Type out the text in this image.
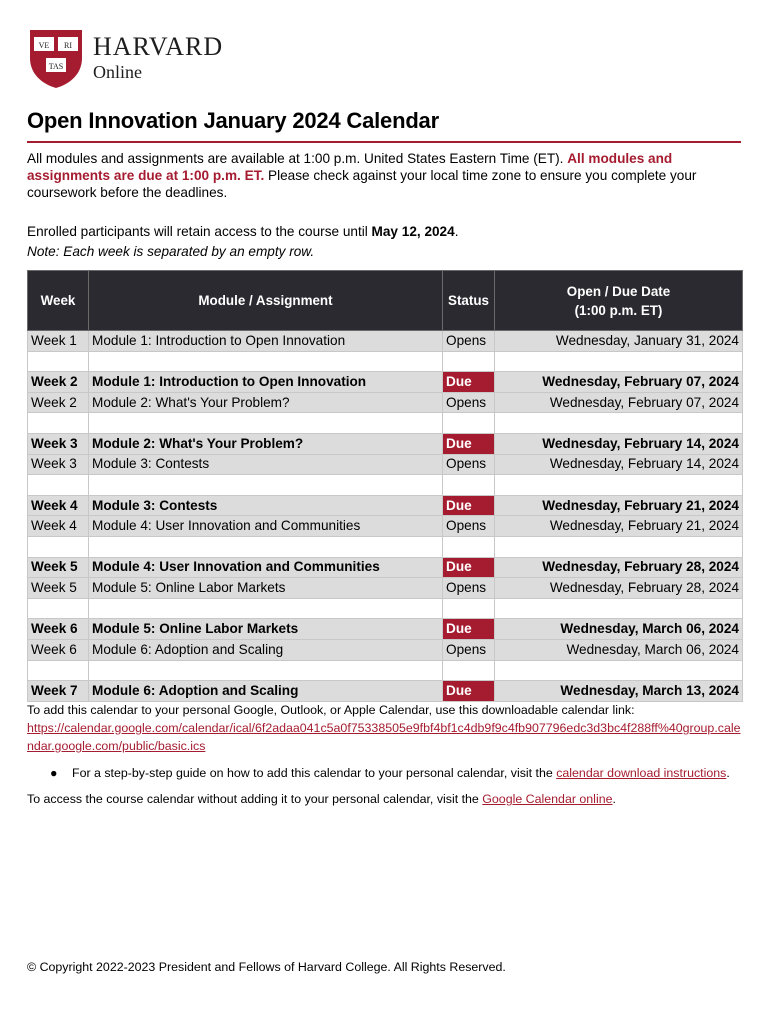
VE RI
TAS
HARVARD
Online
Open Innovation January 2024 Calendar

All modules and assignments are available at 1:00 p.m. United States Eastern Time (ET). All modules and assignments are due at 1:00 p.m. ET. Please check against your local time zone to ensure you complete your coursework before the deadlines.

Enrolled participants will retain access to the course until May 12, 2024.

Note: Each week is separated by an empty row.

Week	Module / Assignment	Status	Open / Due Date
(1:00 p.m. ET)
Week 1	Module 1: Introduction to Open Innovation	Opens	Wednesday, January 31, 2024

Week 2	Module 1: Introduction to Open Innovation	Due	Wednesday, February 07, 2024
Week 2	Module 2: What's Your Problem?	Opens	Wednesday, February 07, 2024

Week 3	Module 2: What's Your Problem?	Due	Wednesday, February 14, 2024
Week 3	Module 3: Contests	Opens	Wednesday, February 14, 2024

Week 4	Module 3: Contests	Due	Wednesday, February 21, 2024
Week 4	Module 4: User Innovation and Communities	Opens	Wednesday, February 21, 2024

Week 5	Module 4: User Innovation and Communities	Due	Wednesday, February 28, 2024
Week 5	Module 5: Online Labor Markets	Opens	Wednesday, February 28, 2024

Week 6	Module 5: Online Labor Markets	Due	Wednesday, March 06, 2024
Week 6	Module 6: Adoption and Scaling	Opens	Wednesday, March 06, 2024

Week 7	Module 6: Adoption and Scaling	Due	Wednesday, March 13, 2024
To add this calendar to your personal Google, Outlook, or Apple Calendar, use this downloadable calendar link:
https://calendar.google.com/calendar/ical/6f2adaa041c5a0f75338505e9fbf4bf1c4db9f9c4fb907796edc3d3bc4f288ff%40group.calendar.google.com/public/basic.ics
● For a step-by-step guide on how to add this calendar to your personal calendar, visit the calendar download instructions.
To access the course calendar without adding it to your personal calendar, visit the Google Calendar online.
© Copyright 2022-2023 President and Fellows of Harvard College. All Rights Reserved.
